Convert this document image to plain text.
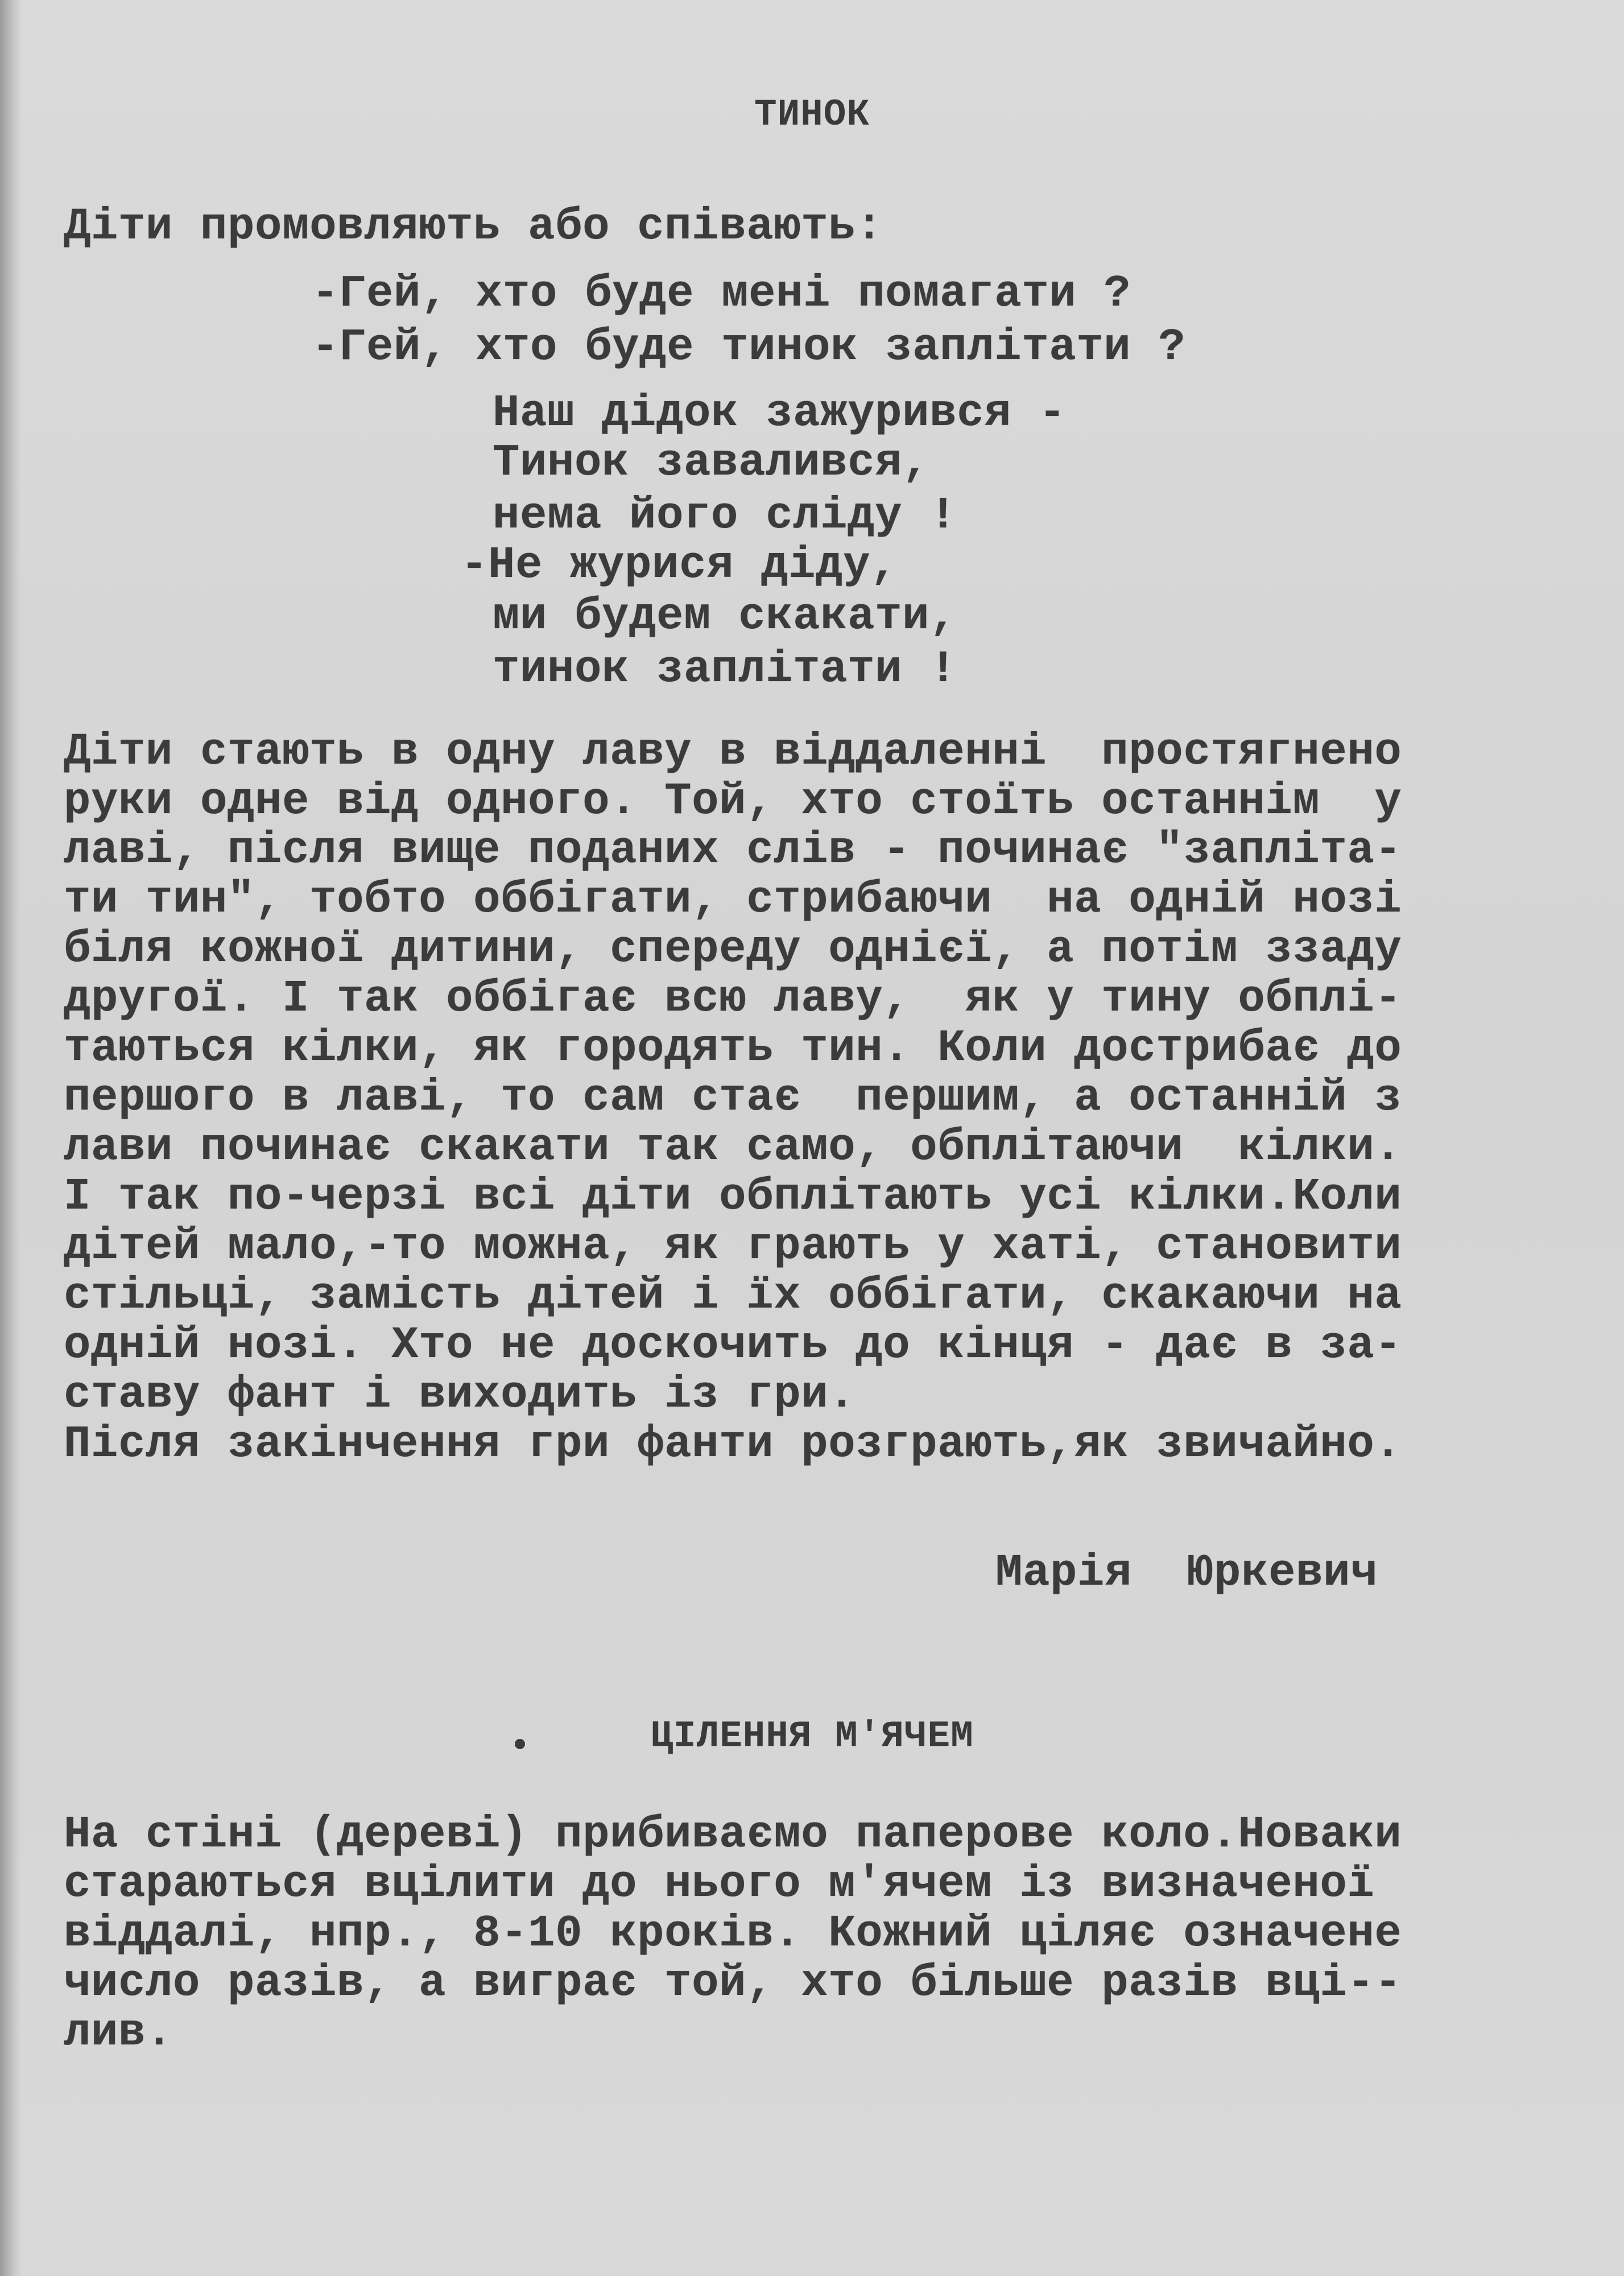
ТИНОК

Діти промовляють або співають:

-Гей, хто буде мені помагати ?

-Гей, хто буде тинок заплітати ?

Наш дідок зажурився -

Тинок завалився,

нема його сліду !

-Не журися діду,

ми будем скакати,

тинок заплітати !

Діти стають в одну лаву в віддаленні  простягнено

руки одне від одного. Той, хто стоїть останнім  у

лаві, після вище поданих слів - починає "запліта-

ти тин", тобто оббігати, стрибаючи  на одній нозі

біля кожної дитини, спереду однієї, а потім ззаду

другої. І так оббігає всю лаву,  як у тину обплі-

таються кілки, як городять тин. Коли дострибає до

першого в лаві, то сам стає  першим, а останній з

лави починає скакати так само, обплітаючи  кілки.

І так по-черзі всі діти обплітають усі кілки.Коли

дітей мало,-то можна, як грають у хаті, становити

стільці, замість дітей і їх оббігати, скакаючи на

одній нозі. Хто не доскочить до кінця - дає в за-

ставу фант і виходить із гри.

Після закінчення гри фанти розграють,як звичайно.

Марія  Юркевич

ЦІЛЕННЯ М'ЯЧЕМ

На стіні (дереві) прибиваємо паперове коло.Новаки

стараються вцілити до нього м'ячем із визначеної

віддалі, нпр., 8-10 кроків. Кожний ціляє означене

число разів, а виграє той, хто більше разів вці--

лив.
